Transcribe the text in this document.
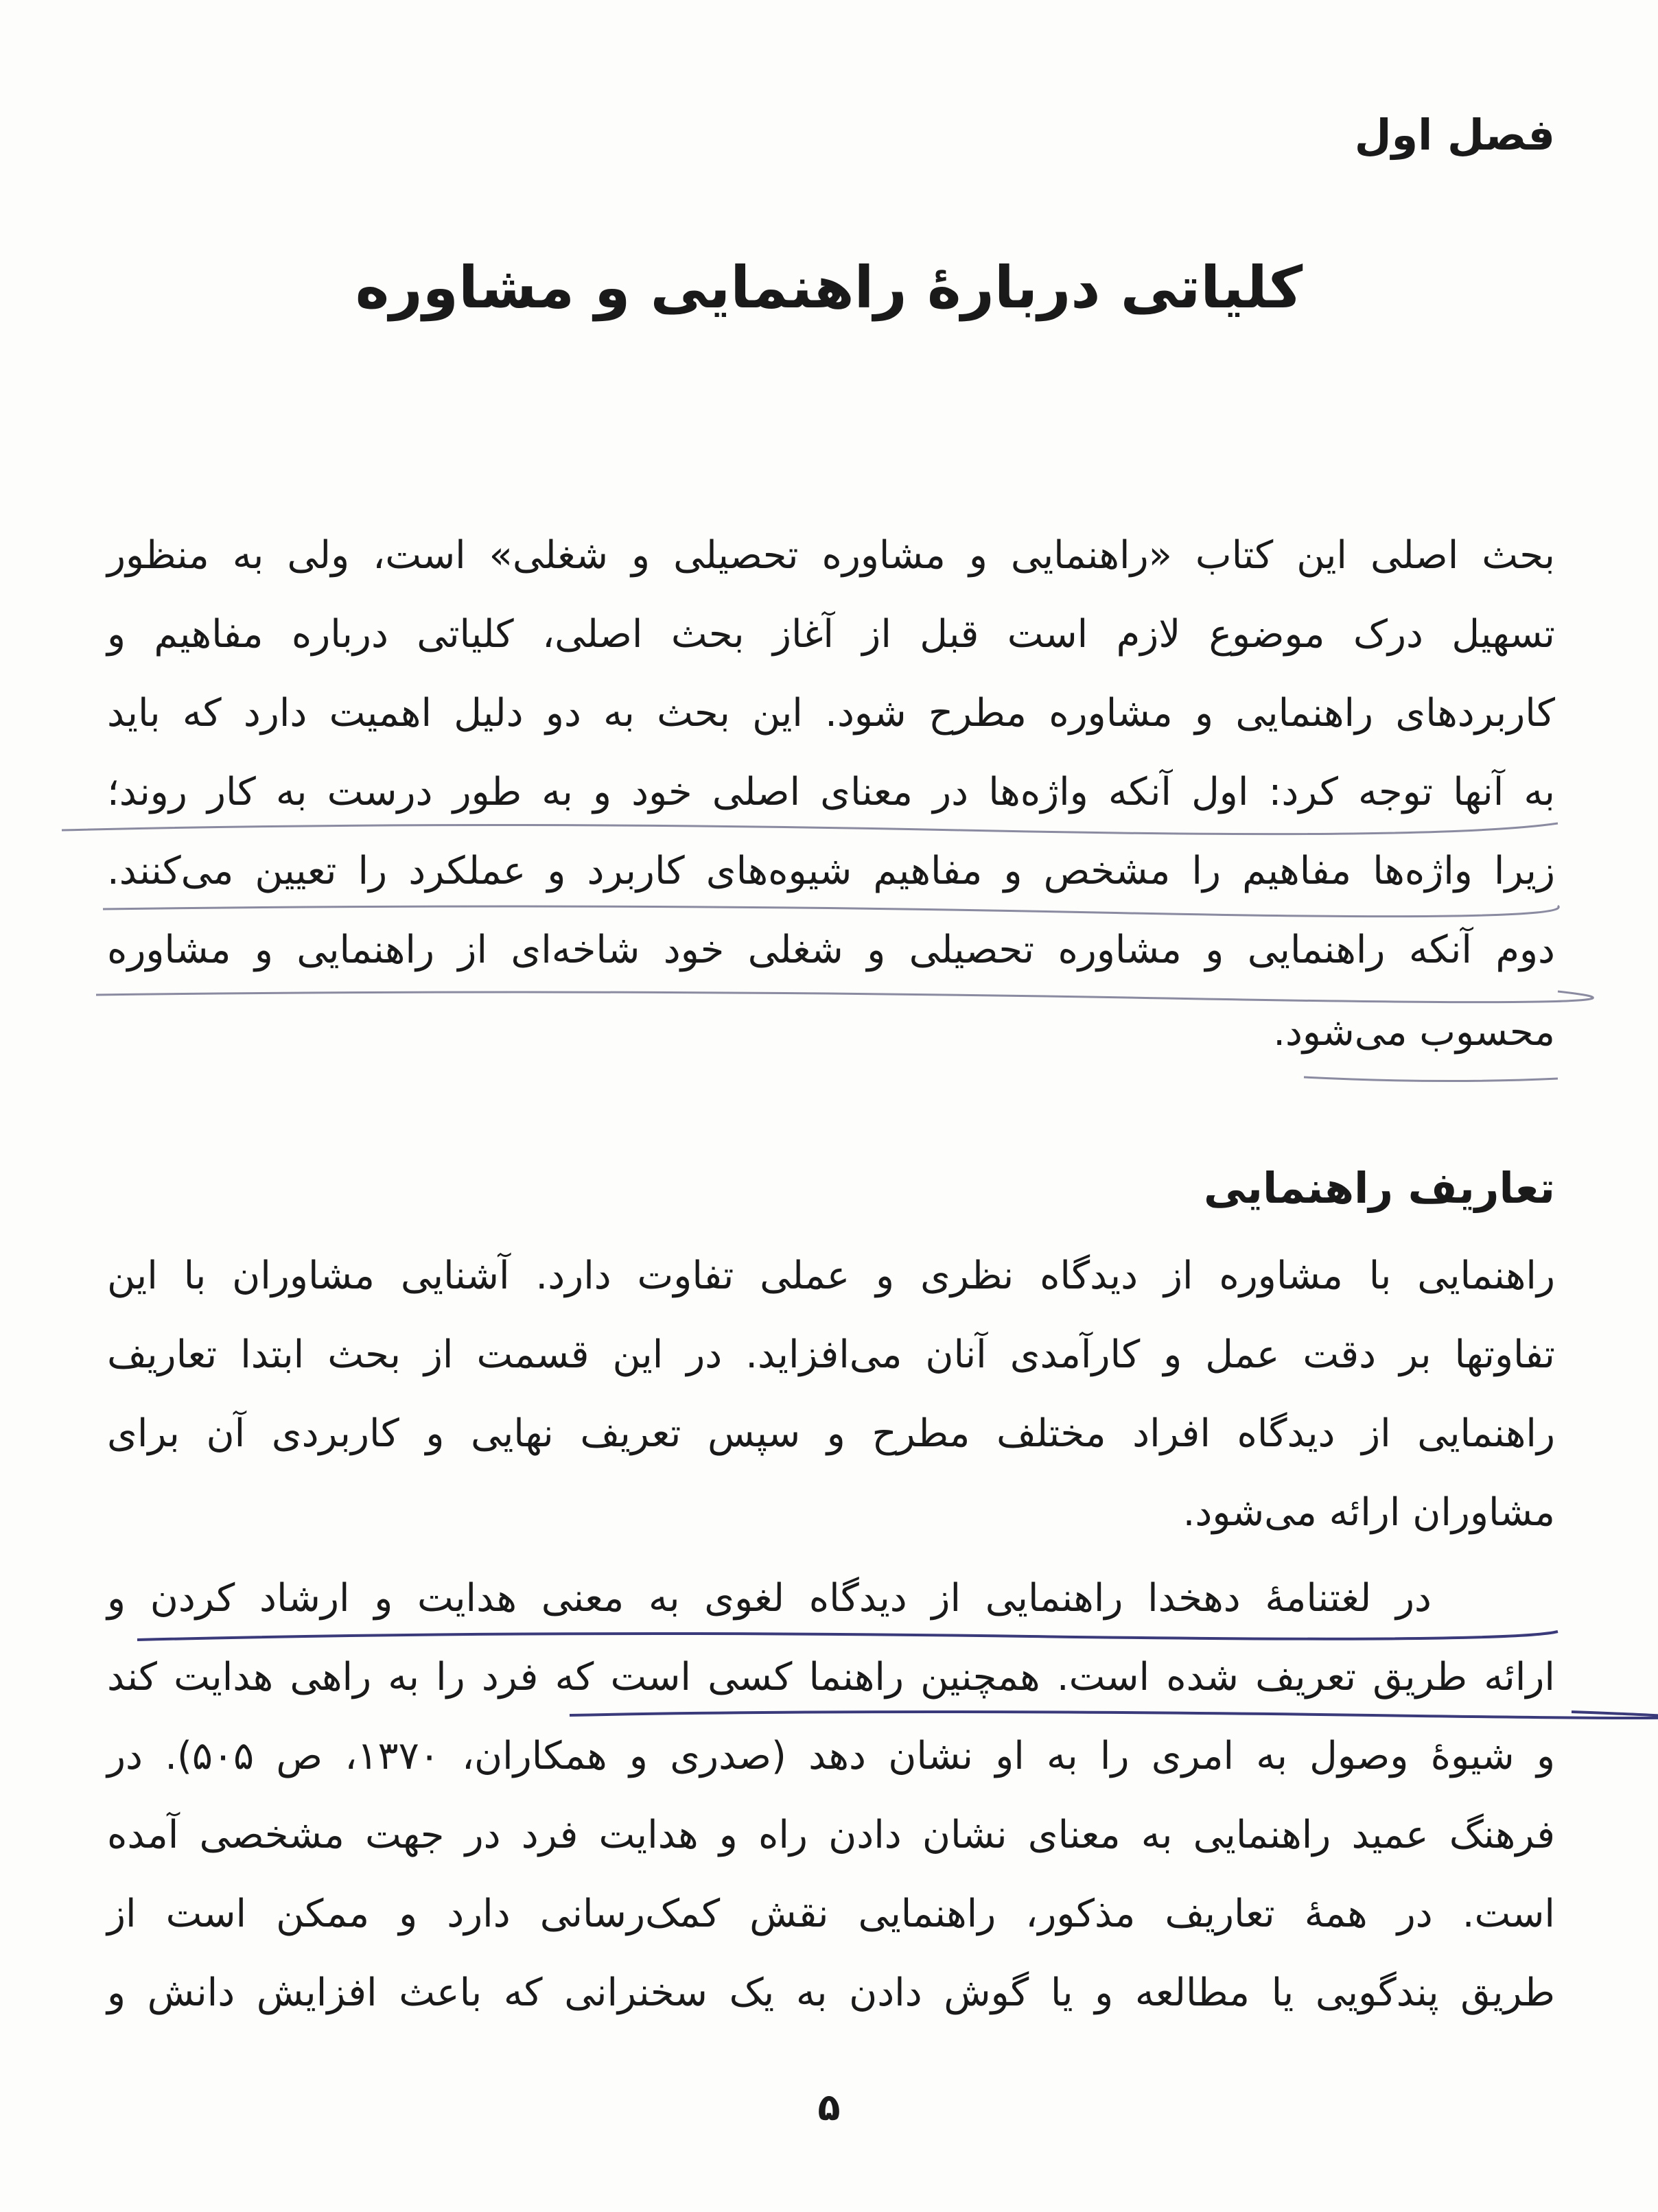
فصل اول
کلیاتی دربارهٔ راهنمایی و مشاوره
بحث اصلی این کتاب «راهنمایی و مشاوره تحصیلی و شغلی» است، ولی به منظور
تسهیل درک موضوع لازم است قبل از آغاز بحث اصلی، کلیاتی درباره مفاهیم و
کاربردهای راهنمایی و مشاوره مطرح شود. این بحث به دو دلیل اهمیت دارد که باید
به آنها توجه کرد: اول آنکه واژه‌ها در معنای اصلی خود و به طور درست به کار روند؛
زیرا واژه‌ها مفاهیم را مشخص و مفاهیم شیوه‌های کاربرد و عملکرد را تعیین می‌کنند.
دوم آنکه راهنمایی و مشاوره تحصیلی و شغلی خود شاخه‌ای از راهنمایی و مشاوره
محسوب می‌شود.
تعاریف راهنمایی
راهنمایی با مشاوره از دیدگاه نظری و عملی تفاوت دارد. آشنایی مشاوران با این
تفاوتها بر دقت عمل و کارآمدی آنان می‌افزاید. در این قسمت از بحث ابتدا تعاریف
راهنمایی از دیدگاه افراد مختلف مطرح و سپس تعریف نهایی و کاربردی آن برای
مشاوران ارائه می‌شود.
در لغتنامهٔ دهخدا راهنمایی از دیدگاه لغوی به معنی هدایت و ارشاد کردن و
ارائه طریق تعریف شده است. همچنین راهنما کسی است که فرد را به راهی هدایت کند
و شیوهٔ وصول به امری را به او نشان دهد (صدری و همکاران، ۱۳۷۰، ص ۵۰۵). در
فرهنگ عمید راهنمایی به معنای نشان دادن راه و هدایت فرد در جهت مشخصی آمده
است. در همهٔ تعاریف مذکور، راهنمایی نقش کمک‌رسانی دارد و ممکن است از
طریق پندگویی یا مطالعه و یا گوش دادن به یک سخنرانی که باعث افزایش دانش و
۵
